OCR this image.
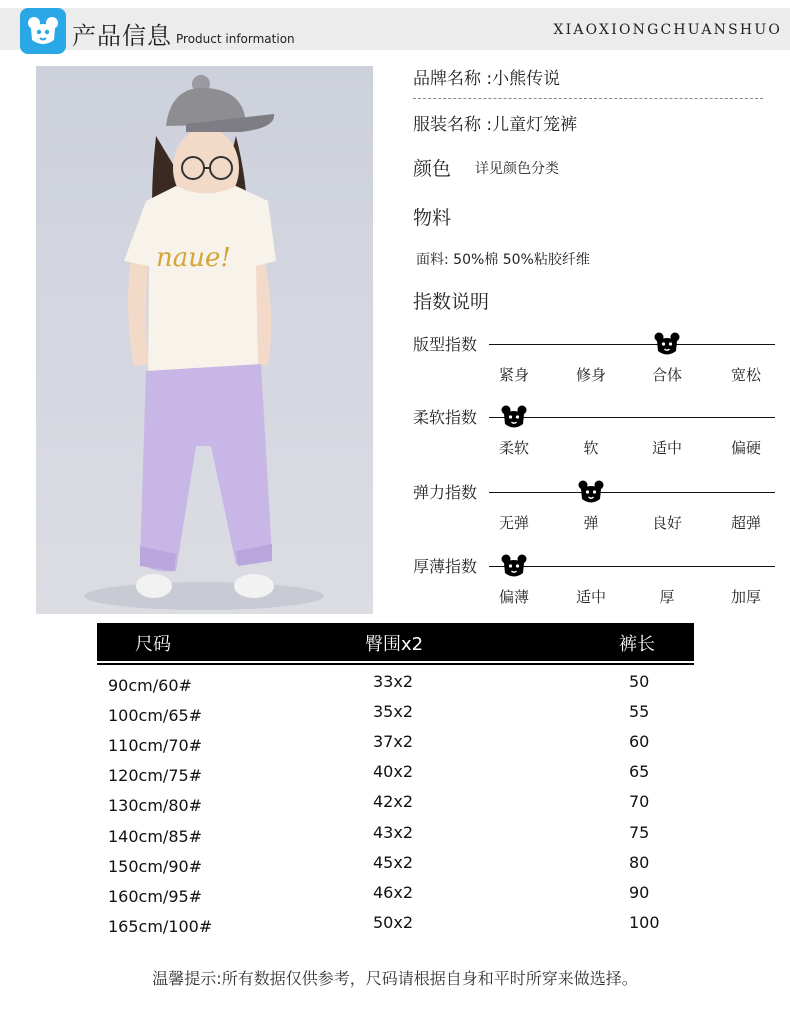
产品信息 Product information
XIAOXIONGCHUANSHUO
naue!
品牌名称 :小熊传说
服装名称 :儿童灯笼裤
颜色 详见颜色分类
物料
面料: 50%棉 50%粘胶纤维
指数说明
版型指数
紧身	修身	合体	宽松
柔软指数
柔软	软	适中	偏硬
弹力指数
无弹	弹	良好	超弹
厚薄指数
偏薄	适中	厚	加厚
尺码	臀围x2	裤长
90cm/60#	33x2	50
100cm/65#	35x2	55
110cm/70#	37x2	60
120cm/75#	40x2	65
130cm/80#	42x2	70
140cm/85#	43x2	75
150cm/90#	45x2	80
160cm/95#	46x2	90
165cm/100#	50x2	100
温馨提示:所有数据仅供参考，尺码请根据自身和平时所穿来做选择。
